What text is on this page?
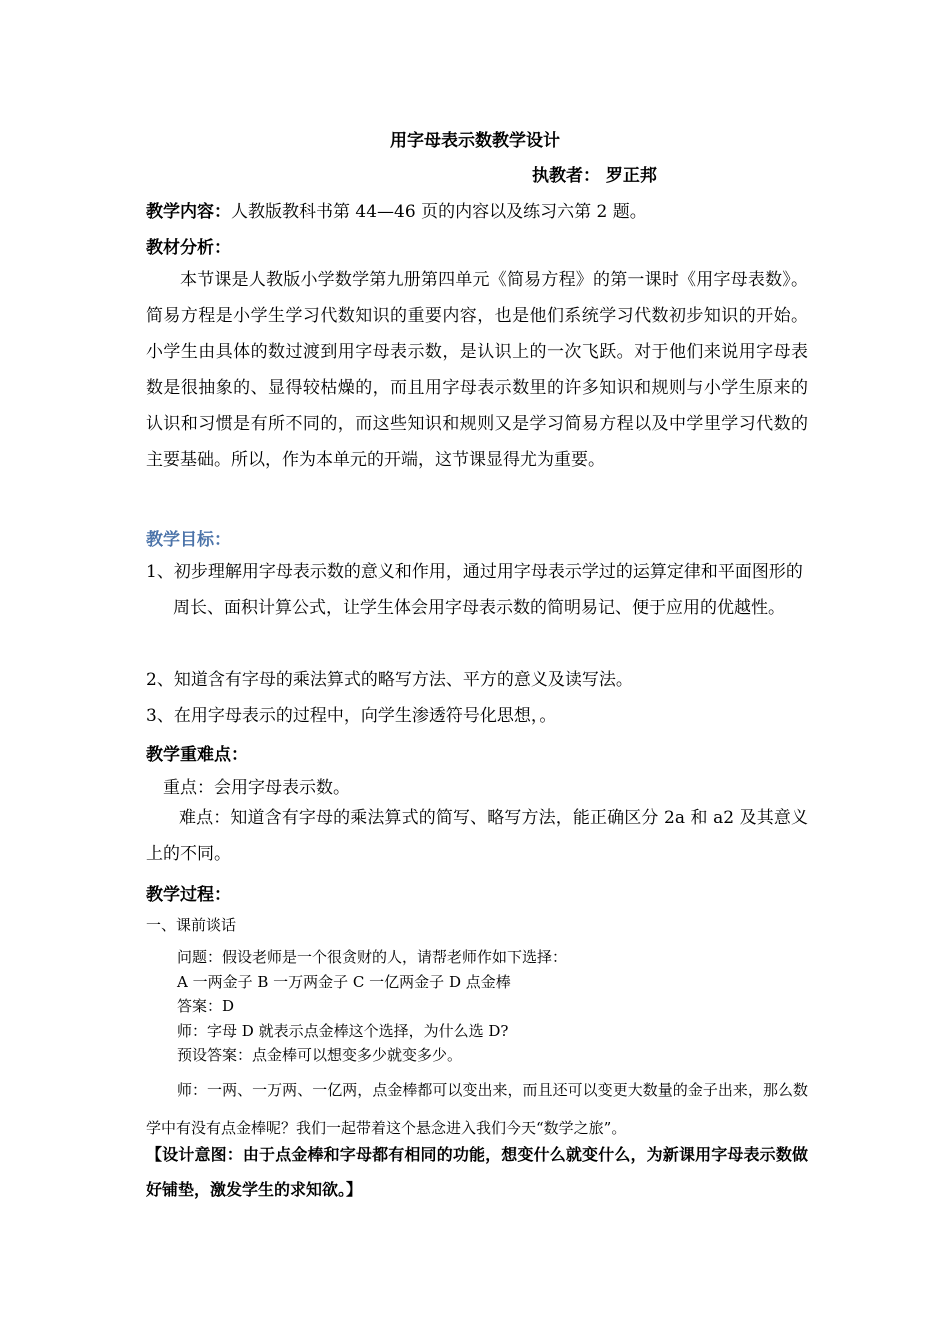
用字母表示数教学设计
执教者： 罗正邦
教学内容：人教版教科书第 44—46 页的内容以及练习六第 2 题。
教材分析：
本节课是人教版小学数学第九册第四单元《简易方程》的第一课时《用字母表数》。简易方程是小学生学习代数知识的重要内容，也是他们系统学习代数初步知识的开始。小学生由具体的数过渡到用字母表示数，是认识上的一次飞跃。对于他们来说用字母表数是很抽象的、显得较枯燥的，而且用字母表示数里的许多知识和规则与小学生原来的认识和习惯是有所不同的，而这些知识和规则又是学习简易方程以及中学里学习代数的主要基础。所以，作为本单元的开端，这节课显得尤为重要。
教学目标：
1、初步理解用字母表示数的意义和作用，通过用字母表示学过的运算定律和平面图形的周长、面积计算公式，让学生体会用字母表示数的简明易记、便于应用的优越性。
2、知道含有字母的乘法算式的略写方法、平方的意义及读写法。
3、在用字母表示的过程中，向学生渗透符号化思想，。
教学重难点：
重点：会用字母表示数。
难点：知道含有字母的乘法算式的简写、略写方法，能正确区分 2a 和 a2 及其意义上的不同。
教学过程：
一、课前谈话

问题：假设老师是一个很贪财的人，请帮老师作如下选择：

A 一两金子 B 一万两金子 C 一亿两金子 D 点金棒

答案：D

师：字母 D 就表示点金棒这个选择，为什么选 D?

预设答案：点金棒可以想变多少就变多少。

师：一两、一万两、一亿两，点金棒都可以变出来，而且还可以变更大数量的金子出来，那么数学中有没有点金棒呢？我们一起带着这个悬念进入我们今天“数学之旅”。
【设计意图：由于点金棒和字母都有相同的功能，想变什么就变什么，为新课用字母表示数做好铺垫，激发学生的求知欲。】
